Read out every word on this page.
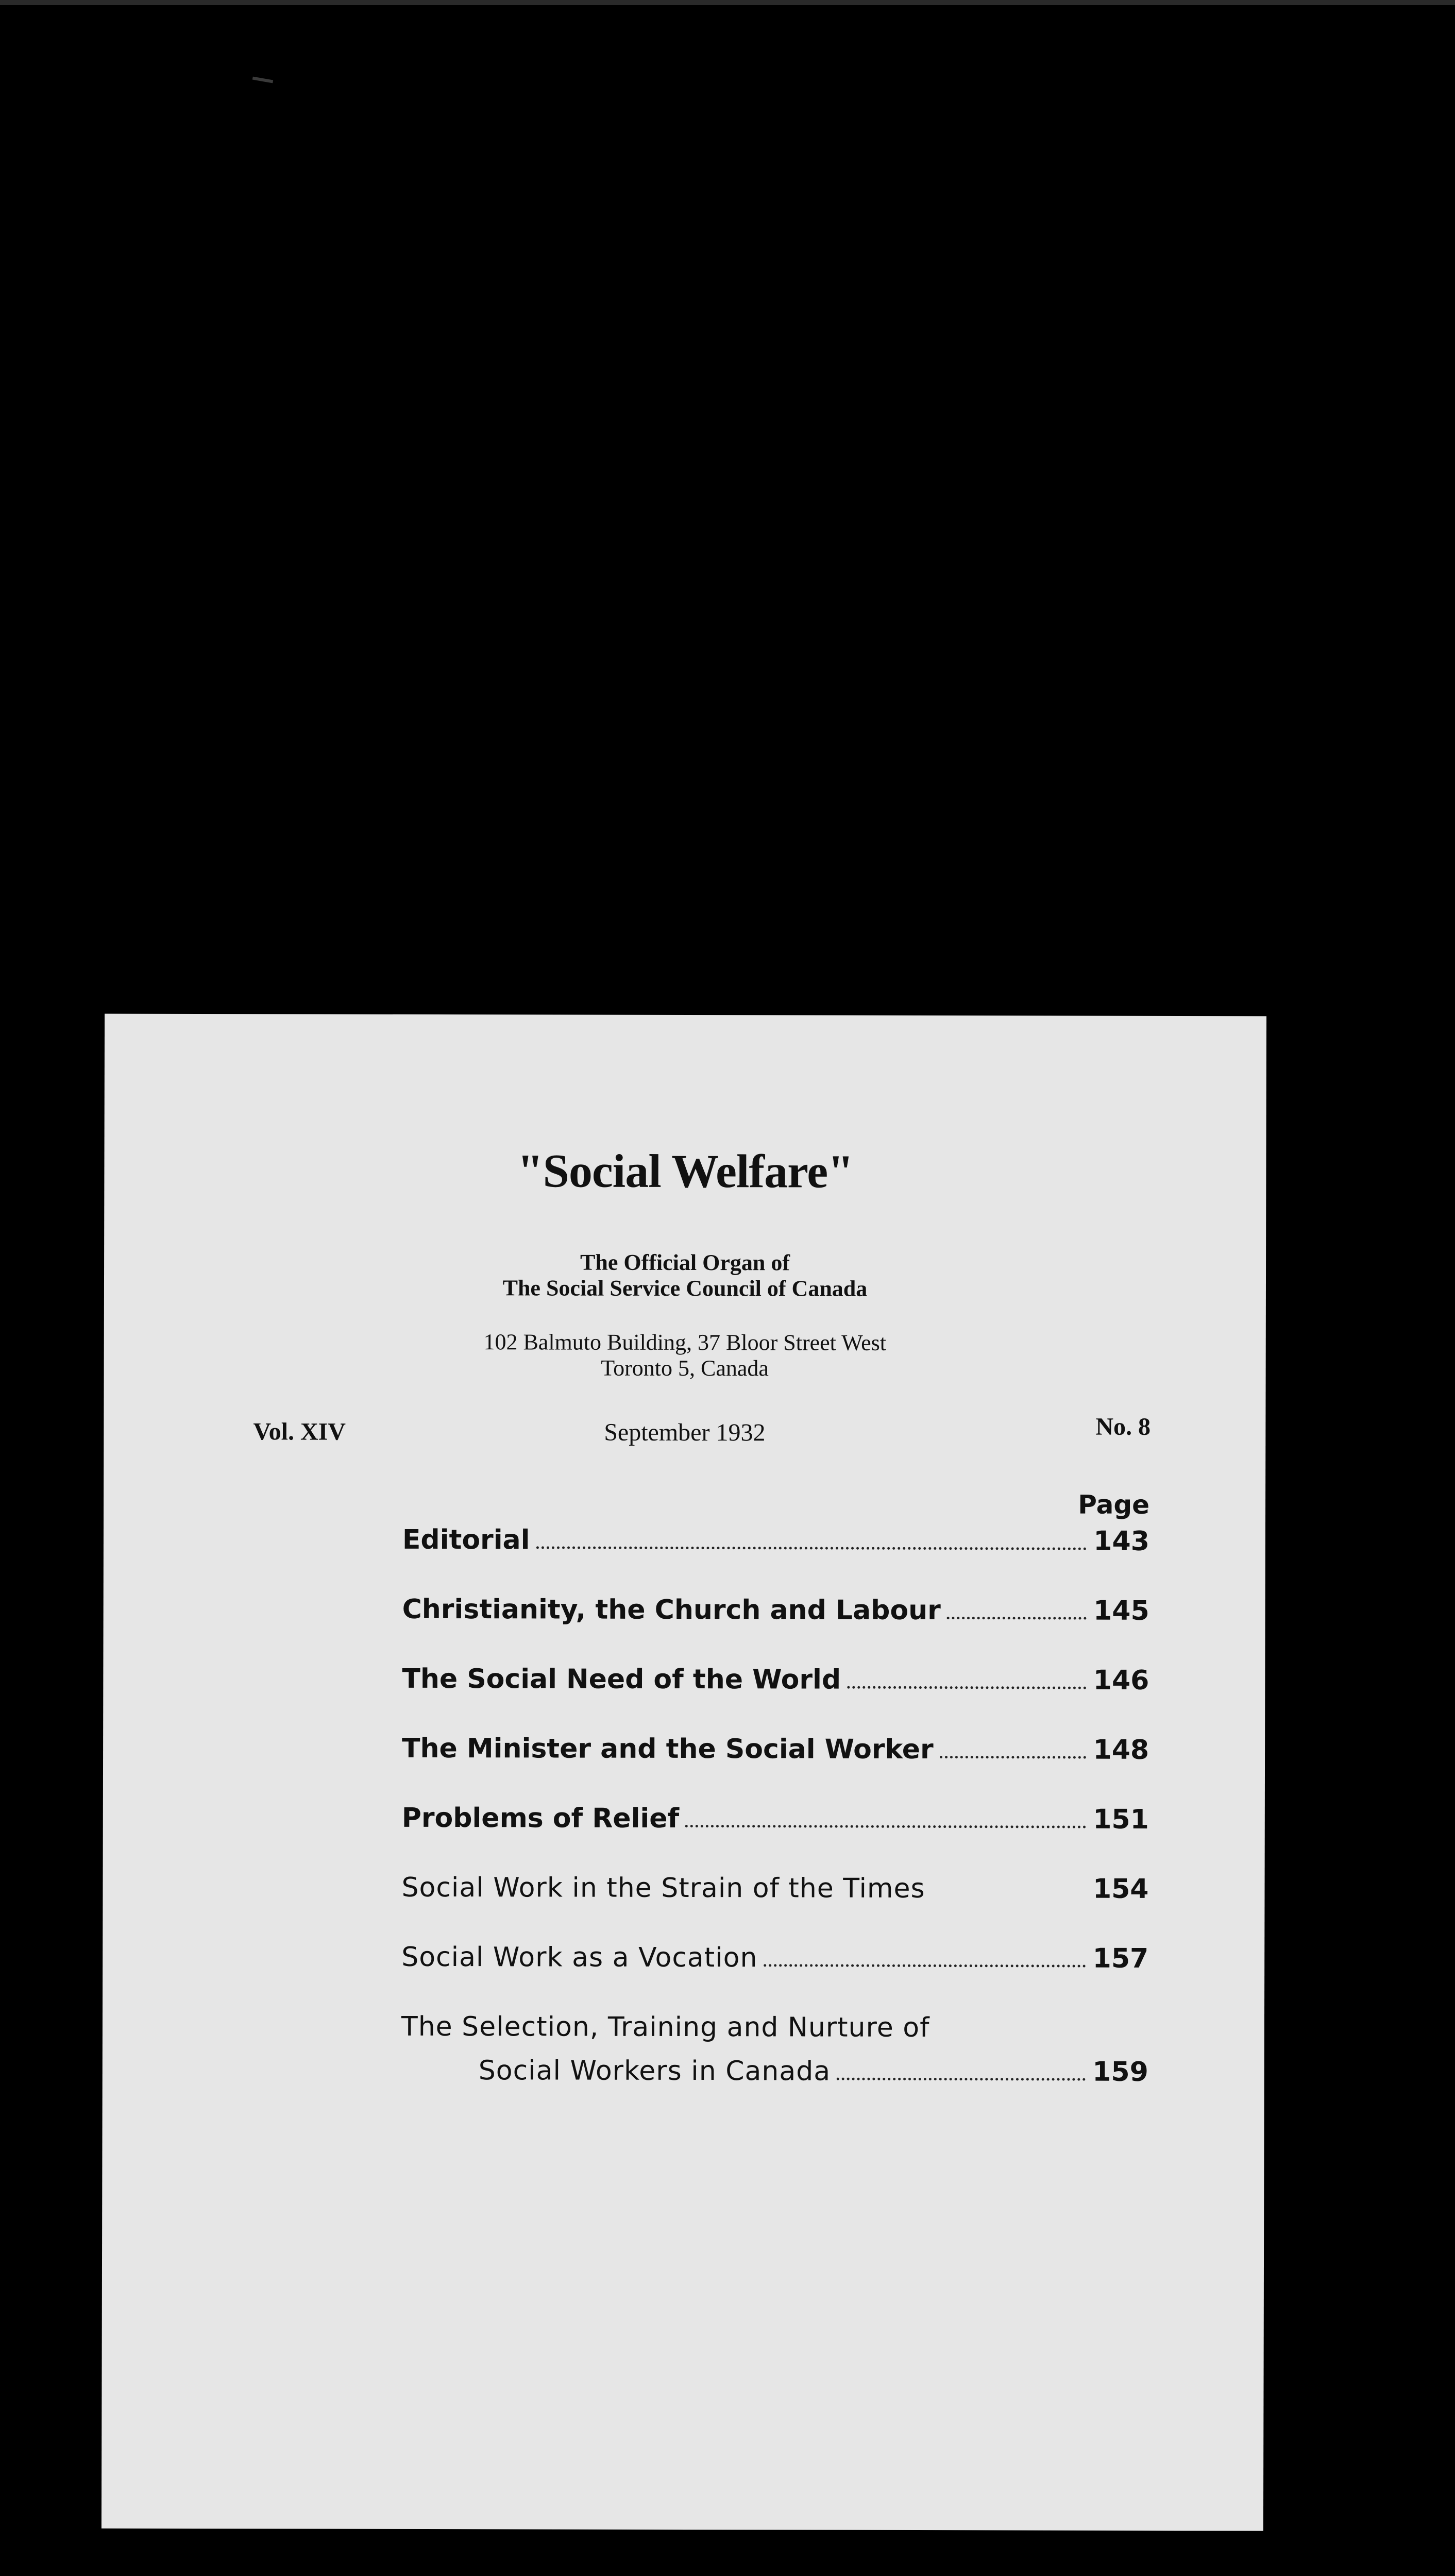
"Social Welfare"
The Official Organ of
The Social Service Council of Canada
102 Balmuto Building, 37 Bloor Street West
Toronto 5, Canada
Vol. XIV	September 1932	No. 8
Page
Editorial	143
Christianity, the Church and Labour	145
The Social Need of the World	146
The Minister and the Social Worker	148
Problems of Relief	151
Social Work in the Strain of the Times	154
Social Work as a Vocation	157
The Selection, Training and Nurture of
Social Workers in Canada	159
